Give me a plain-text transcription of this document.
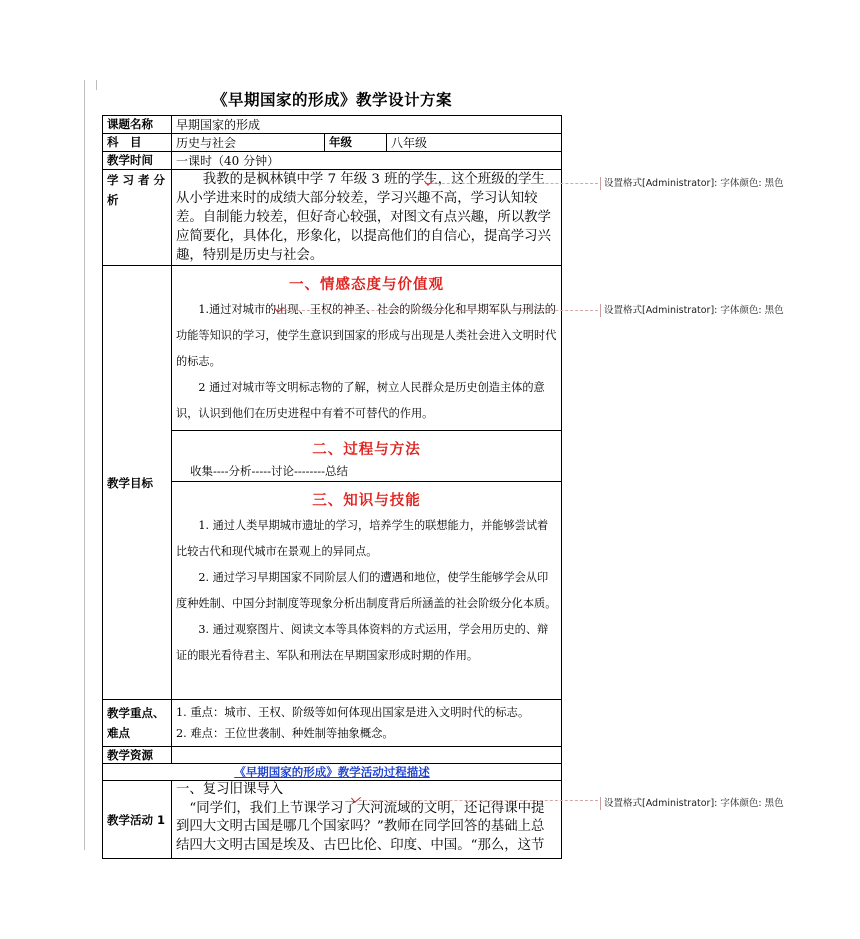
《早期国家的形成》教学设计方案
课题名称	早期国家的形成		
科　目	历史与社会	年级	八年级
教学时间	一课时（40 分钟）		
学 习 者 分析	我教的是枫林镇中学 7 年级 3 班的学生，这个班级的学生从小学进来时的成绩大部分较差，学习兴趣不高，学习认知较差。自制能力较差，但好奇心较强，对图文有点兴趣，所以教学应简要化，具体化，形象化，以提高他们的自信心，提高学习兴趣，特别是历史与社会。		

教学目标	一、情感态度与价值观

1.通过对城市的出现、王权的神圣、社会的阶级分化和早期军队与刑法的功能等知识的学习，使学生意识到国家的形成与出现是人类社会进入文明时代的标志。

2 通过对城市等文明标志物的了解，树立人民群众是历史创造主体的意识，认识到他们在历史进程中有着不可替代的作用。		

	二、过程与方法
收集----分析-----讨论--------总结		

	三、知识与技能

1. 通过人类早期城市遗址的学习，培养学生的联想能力，并能够尝试着比较古代和现代城市在景观上的异同点。

2. 通过学习早期国家不同阶层人们的遭遇和地位，使学生能够学会从印度种姓制、中国分封制度等现象分析出制度背后所涵盖的社会阶级分化本质。

3. 通过观察图片、阅读文本等具体资料的方式运用，学会用历史的、辩证的眼光看待君主、军队和刑法在早期国家形成时期的作用。		

教学重点、难点	1. 重点：城市、王权、阶级等如何体现出国家是进入文明时代的标志。
2. 难点：王位世袭制、种姓制等抽象概念。		

教学资源			
《早期国家的形成》教学活动过程描述			
教学活动 1	一、复习旧课导入
“同学们，我们上节课学习了大河流域的文明，还记得课中提到四大文明古国是哪几个国家吗？”教师在同学回答的基础上总结四大文明古国是埃及、古巴比伦、印度、中国。“那么，这节		
设置格式[Administrator]: 字体颜色: 黑色
设置格式[Administrator]: 字体颜色: 黑色
设置格式[Administrator]: 字体颜色: 黑色
